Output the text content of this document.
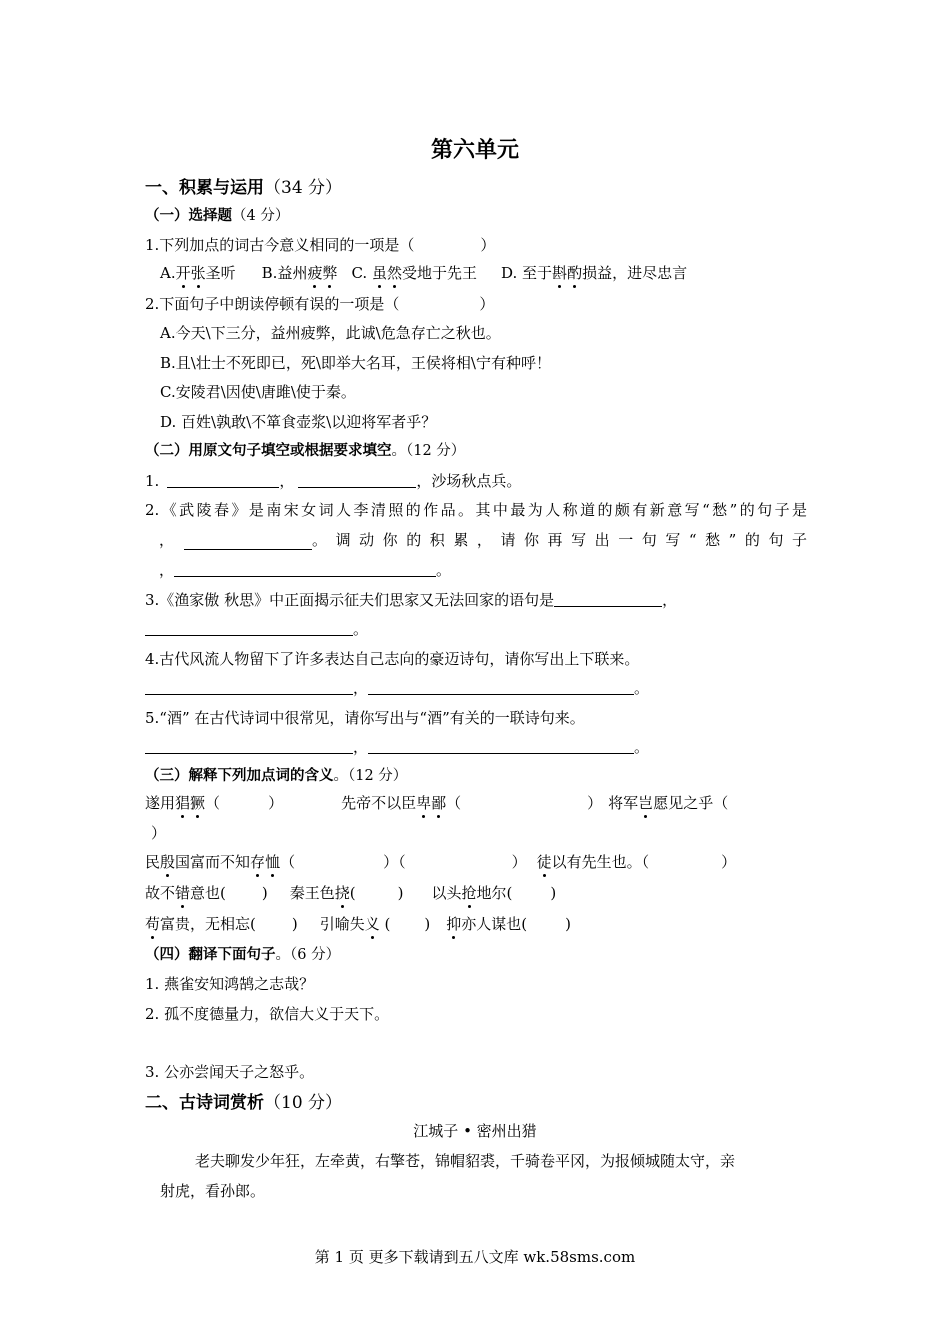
第六单元
一、积累与运用（34 分）
（一）选择题（4 分）
1.下列加点的词古今意义相同的一项是（	）
A.开张圣听 B.益州疲弊 C. 虽然受地于先王 D. 至于斟酌损益，进尽忠言
2.下面句子中朗读停顿有误的一项是（	）
A.今天\下三分，益州疲弊，此诚\危急存亡之秋也。
B.且\壮士不死即已，死\即举大名耳，王侯将相\宁有种呼！
C.安陵君\因使\唐雎\使于秦。
D. 百姓\孰敢\不箪食壶浆\以迎将军者乎？
（二）用原文句子填空或根据要求填空。（12 分）
1.	，	，沙场秋点兵。
2.《武陵春》是南宋女词人李清照的作品。其中最为人称道的颇有新意写“愁”的句子是
，	。调动你的积累，请你再写出一句写“愁”的句子
，	。
3.《渔家傲 秋思》中正面揭示征夫们思家又无法回家的语句是	，
。
4.古代风流人物留下了许多表达自己志向的豪迈诗句，请你写出上下联来。
，	。
5.“酒” 在古代诗词中很常见，请你写出与“酒”有关的一联诗句来。
，	。
（三）解释下列加点词的含义。（12 分）
遂用猖獗（	）	先帝不以臣卑鄙（	） 将军岂愿见之乎（
）
民殷国富而不知存恤（	）（	） 徒以有先生也。（	）
故不错意也( ) 秦王色挠(	) 以头抢地尔(	)
苟富贵，无相忘( ) 引喻失义 ( ) 抑亦人谋也(	)
（四）翻译下面句子。（6 分）
1. 燕雀安知鸿鹄之志哉？
2. 孤不度德量力，欲信大义于天下。
3. 公亦尝闻天子之怒乎。
二、古诗词赏析（10 分）
江城子 • 密州出猎
老夫聊发少年狂，左牵黄，右擎苍，锦帽貂裘，千骑卷平冈，为报倾城随太守，亲
射虎，看孙郎。
第 1 页 更多下载请到五八文库 wk.58sms.com
